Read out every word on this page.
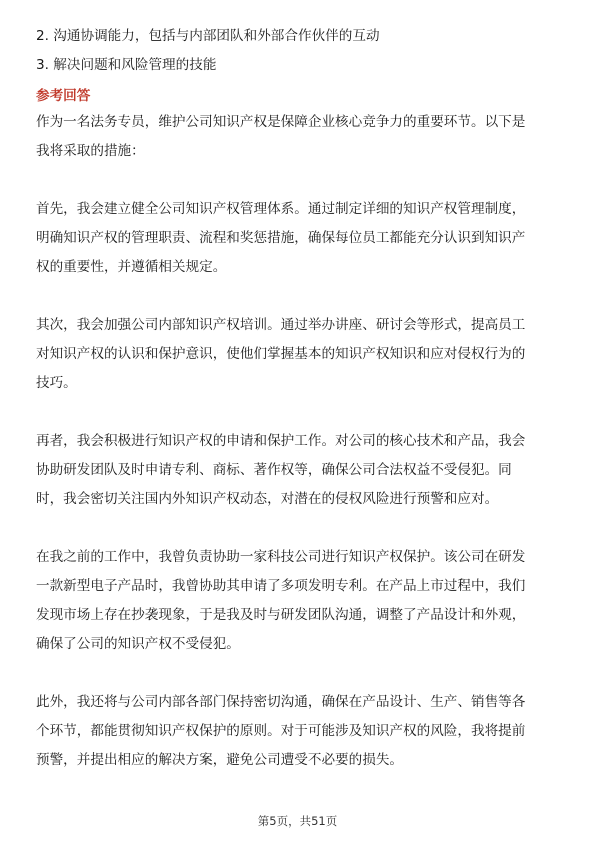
2. 沟通协调能力，包括与内部团队和外部合作伙伴的互动
3. 解决问题和风险管理的技能
参考回答
作为一名法务专员，维护公司知识产权是保障企业核心竞争力的重要环节。以下是
我将采取的措施：
首先，我会建立健全公司知识产权管理体系。通过制定详细的知识产权管理制度，
明确知识产权的管理职责、流程和奖惩措施，确保每位员工都能充分认识到知识产
权的重要性，并遵循相关规定。
其次，我会加强公司内部知识产权培训。通过举办讲座、研讨会等形式，提高员工
对知识产权的认识和保护意识，使他们掌握基本的知识产权知识和应对侵权行为的
技巧。
再者，我会积极进行知识产权的申请和保护工作。对公司的核心技术和产品，我会
协助研发团队及时申请专利、商标、著作权等，确保公司合法权益不受侵犯。同
时，我会密切关注国内外知识产权动态，对潜在的侵权风险进行预警和应对。
在我之前的工作中，我曾负责协助一家科技公司进行知识产权保护。该公司在研发
一款新型电子产品时，我曾协助其申请了多项发明专利。在产品上市过程中，我们
发现市场上存在抄袭现象，于是我及时与研发团队沟通，调整了产品设计和外观，
确保了公司的知识产权不受侵犯。
此外，我还将与公司内部各部门保持密切沟通，确保在产品设计、生产、销售等各
个环节，都能贯彻知识产权保护的原则。对于可能涉及知识产权的风险，我将提前
预警，并提出相应的解决方案，避免公司遭受不必要的损失。
第5页，共51页
